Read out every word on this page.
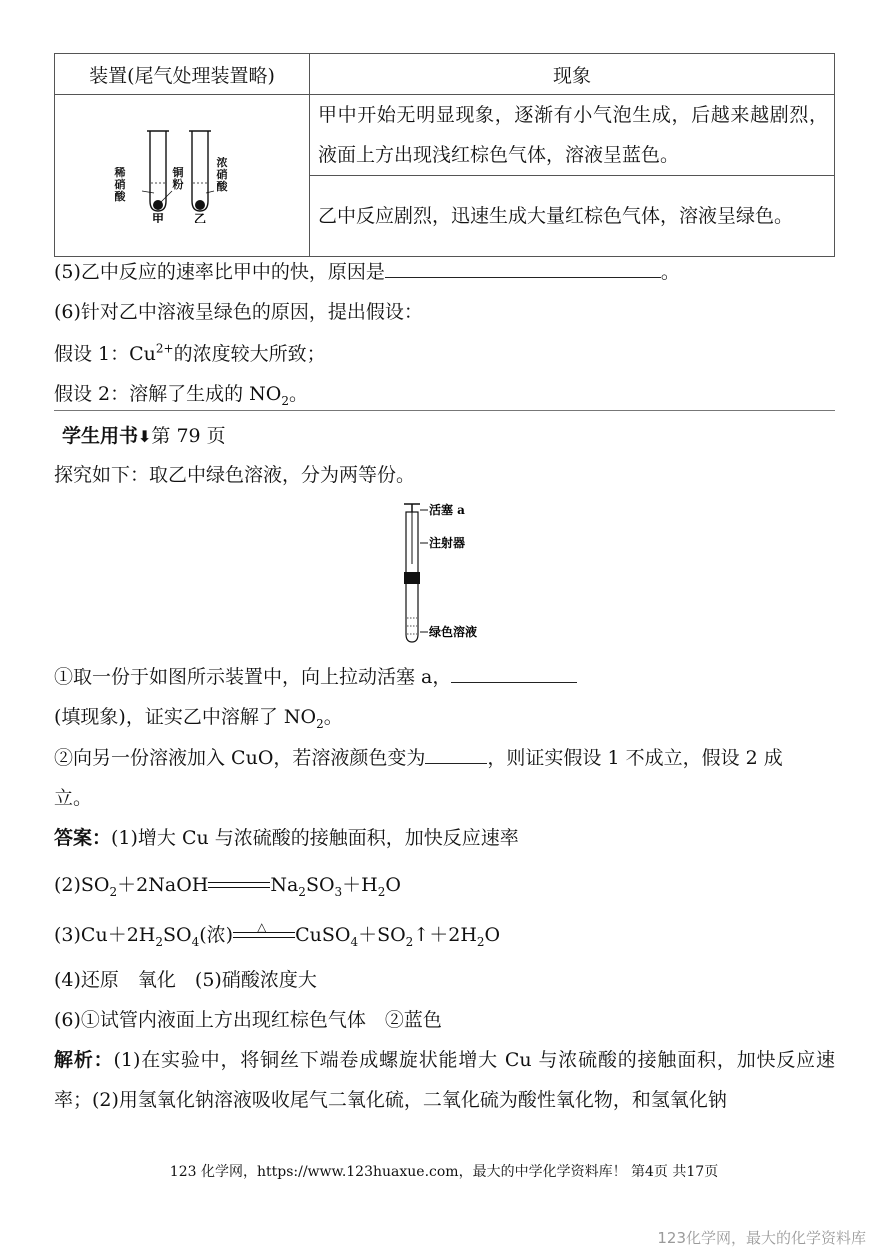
装置(尾气处理装置略)	现象

稀硝酸
铜粉
浓硝酸
甲 乙	甲中开始无明显现象，逐渐有小气泡生成，后越来越剧烈，液面上方出现浅红棕色气体，溶液呈蓝色。
	乙中反应剧烈，迅速生成大量红棕色气体，溶液呈绿色。
(5)乙中反应的速率比甲中的快，原因是	。
(6)针对乙中溶液呈绿色的原因，提出假设：
假设 1：$Cu^{2+}$的浓度较大所致；
假设 2：溶解了生成的 $NO_2$。
学生用书⬇第 79 页
探究如下：取乙中绿色溶液，分为两等份。
活塞 a
注射器
绿色溶液
①取一份于如图所示装置中，向上拉动活塞 a，
(填现象)，证实乙中溶解了 $NO_2$。
②向另一份溶液加入 CuO，若溶液颜色变为	，则证实假设 1 不成立，假设 2 成
立。
答案：(1)增大 Cu 与浓硫酸的接触面积，加快反应速率
$(2)SO_2+2NaOH$	$Na_2SO_3+H_2O$
$(3)Cu+2H_2SO_4$(浓) △ $CuSO_4+SO_2↑+2H_2O$
(4)还原　氧化　(5)硝酸浓度大
(6)①试管内液面上方出现红棕色气体　②蓝色
解析：(1)在实验中，将铜丝下端卷成螺旋状能增大 Cu 与浓硫酸的接触面积，加快反应速率；(2)用氢氧化钠溶液吸收尾气二氧化硫，二氧化硫为酸性氧化物，和氢氧化钠
123 化学网，https://www.123huaxue.com，最大的中学化学资料库！ 第4页 共17页
123化学网，最大的化学资料库
